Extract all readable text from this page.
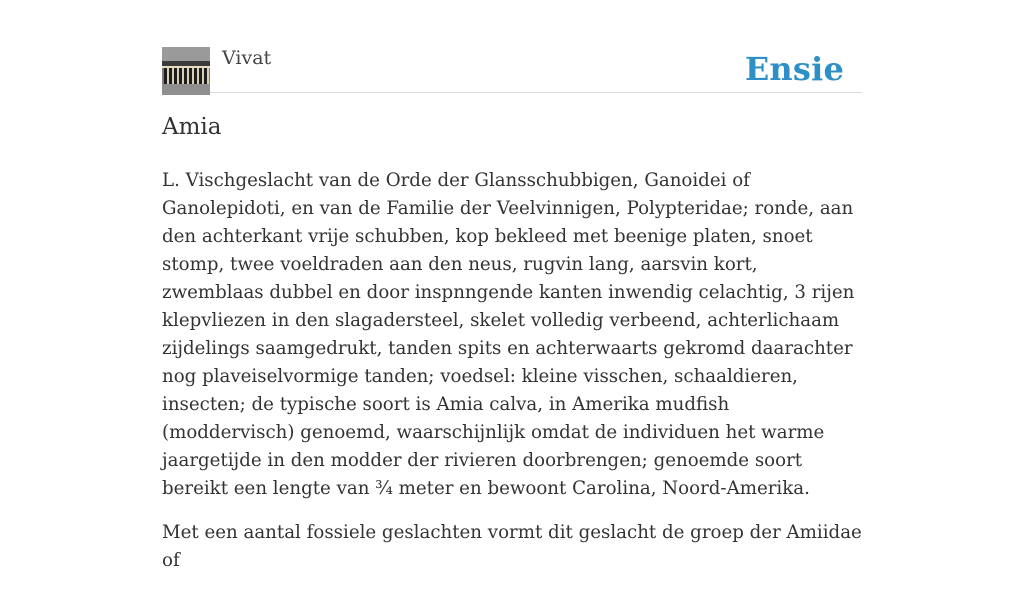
Vivat	Ensie
Amia

L. Vischgeslacht van de Orde der Glansschubbigen, Ganoidei of Ganolepidoti, en van de Familie der Veelvinnigen, Polypteridae; ronde, aan den achterkant vrije schubben, kop bekleed met beenige platen, snoet stomp, twee voeldraden aan den neus, rugvin lang, aarsvin kort, zwemblaas dubbel en door inspnngende kanten inwendig celachtig, 3 rijen klepvliezen in den slagadersteel, skelet volledig verbeend, achterlichaam zijdelings saamgedrukt, tanden spits en achterwaarts gekromd daarachter nog plaveiselvormige tanden; voedsel: kleine visschen, schaaldieren, insecten; de typische soort is Amia calva, in Amerika mudfish (moddervisch) genoemd, waarschijnlijk omdat de individuen het warme jaargetijde in den modder der rivieren doorbrengen; genoemde soort bereikt een lengte van ¾ meter en bewoont Carolina, Noord-Amerika.

Met een aantal fossiele geslachten vormt dit geslacht de groep der Amiidae of
